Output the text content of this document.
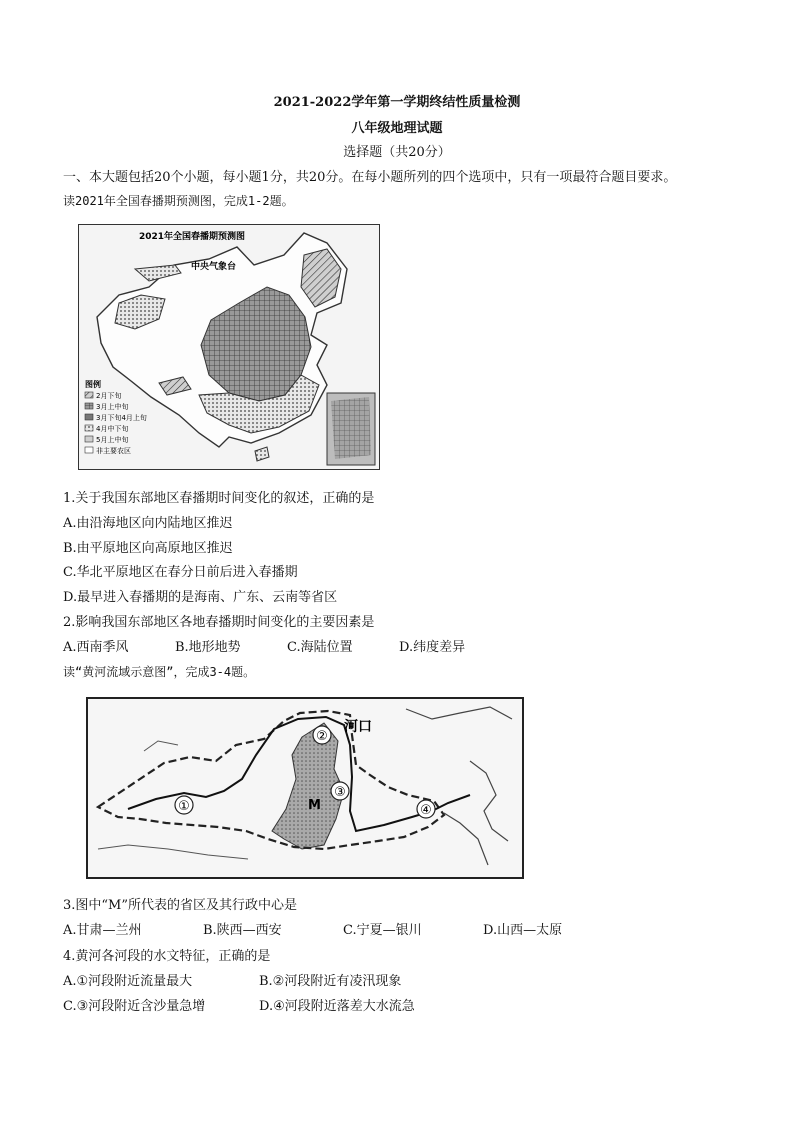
2021-2022学年第一学期终结性质量检测
八年级地理试题
选择题（共20分）
一、本大题包括20个小题，每小题1分，共20分。在每小题所列的四个选项中，只有一项最符合题目要求。
读2021年全国春播期预测图，完成1-2题。
2021年全国春播期预测图
中央气象台
图例
2月下旬
3月上中旬
3月下旬4月上旬
4月中下旬
5月上中旬
非主要农区
1.关于我国东部地区春播期时间变化的叙述，正确的是
A.由沿海地区向内陆地区推迟
B.由平原地区向高原地区推迟
C.华北平原地区在春分日前后进入春播期
D.最早进入春播期的是海南、广东、云南等省区
2.影响我国东部地区各地春播期时间变化的主要因素是
A.西南季风	B.地形地势	C.海陆位置	D.纬度差异
读“黄河流域示意图”，完成3-4题。
①
②
③
④
河口
M
3.图中“M”所代表的省区及其行政中心是
A.甘肃—兰州	B.陕西—西安	C.宁夏—银川	D.山西—太原
4.黄河各河段的水文特征，正确的是
A.①河段附近流量最大	B.②河段附近有凌汛现象
C.③河段附近含沙量急增	D.④河段附近落差大水流急
